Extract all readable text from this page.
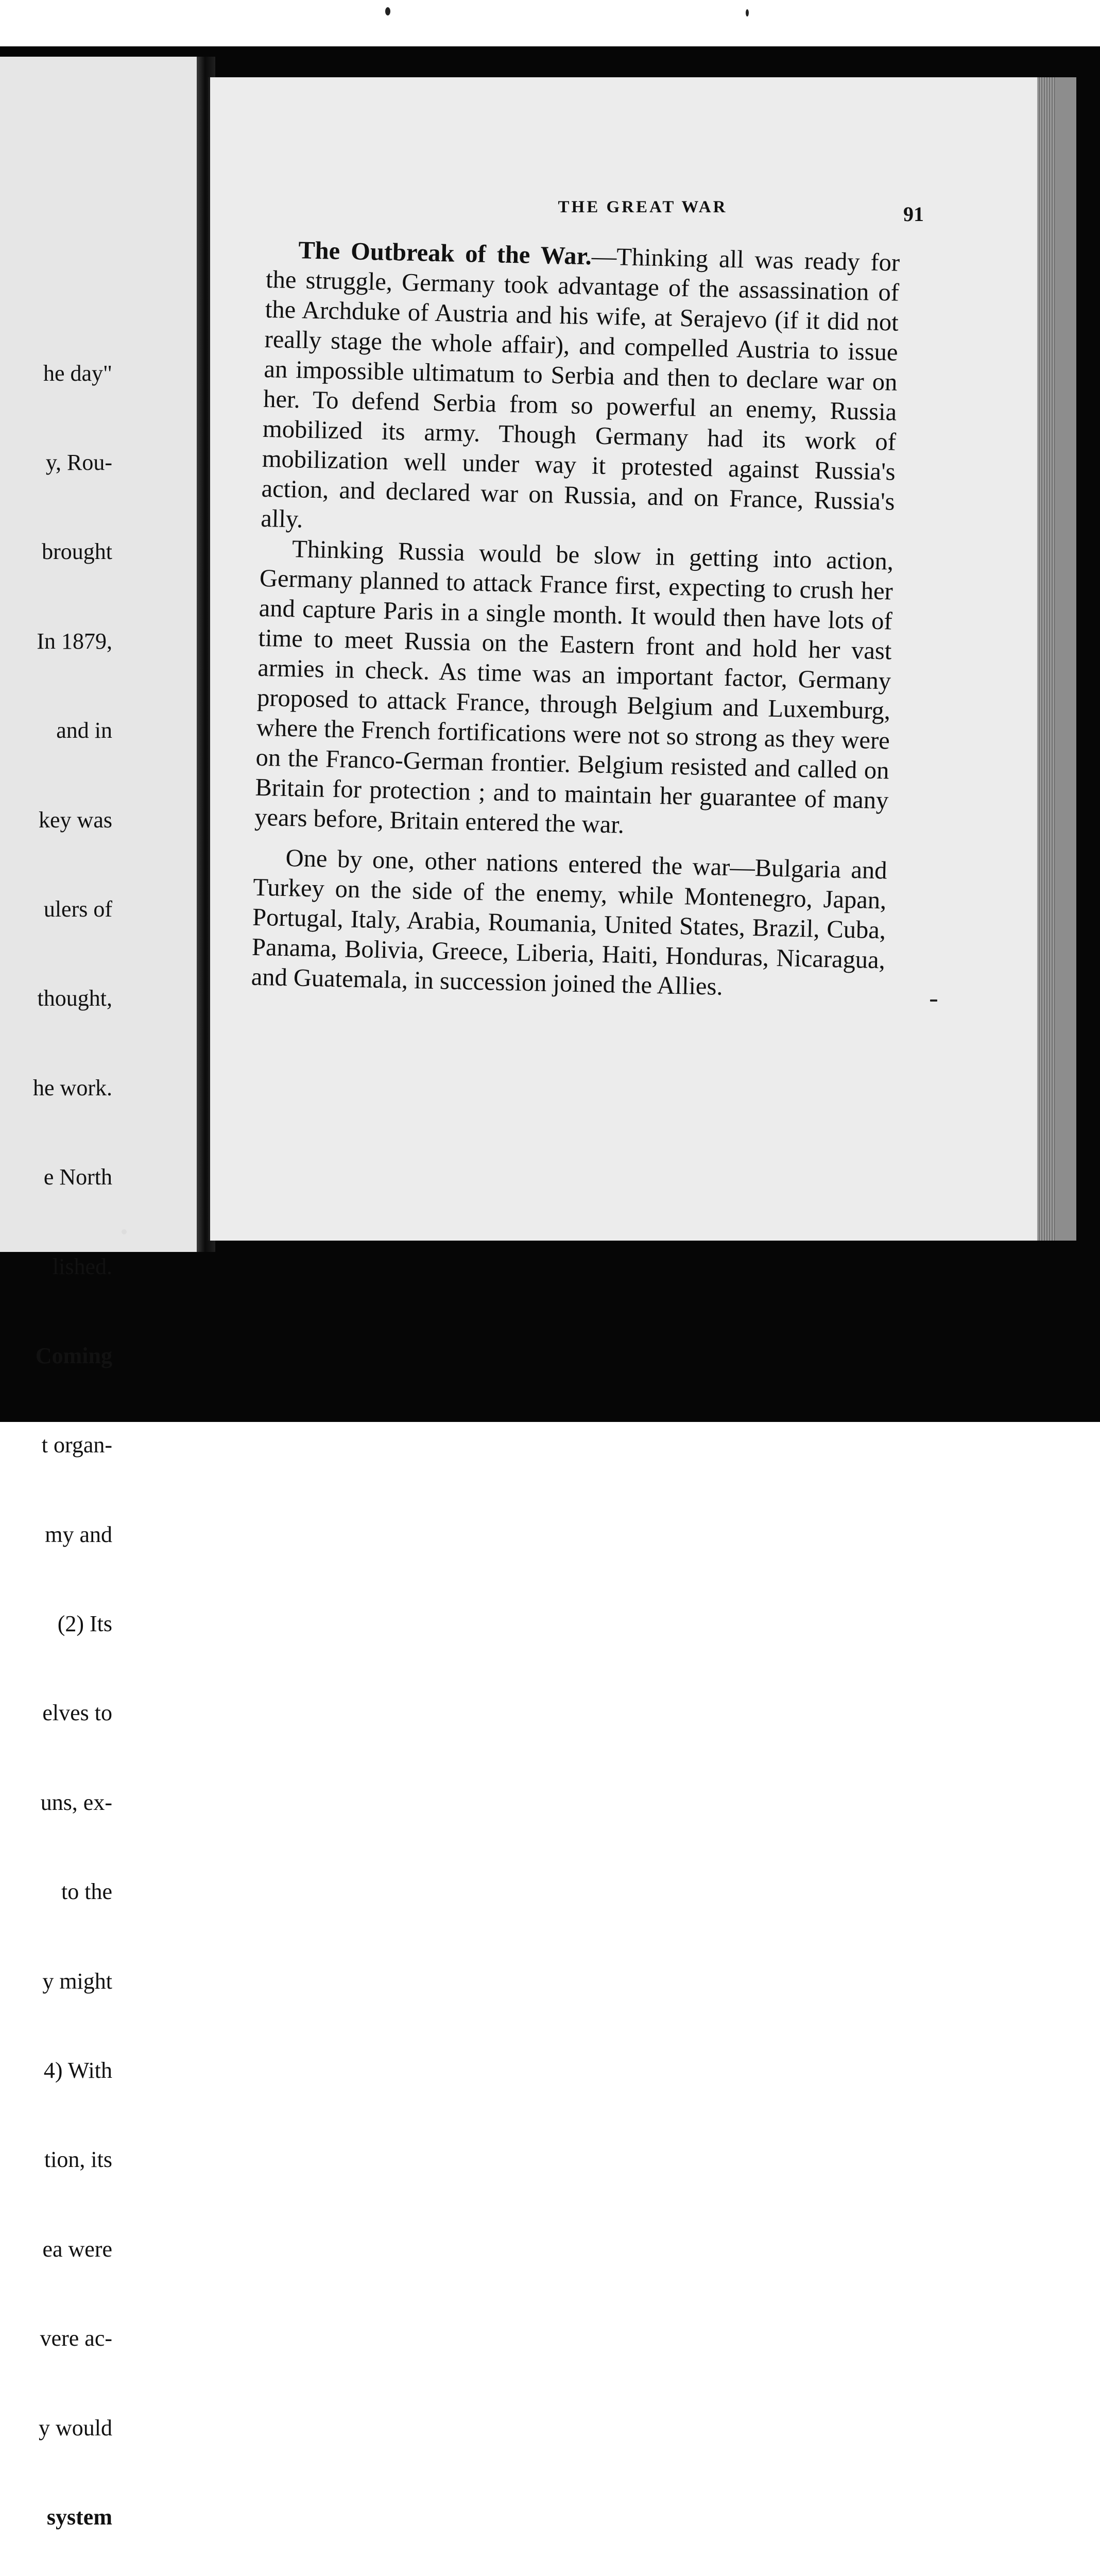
he day"

y, Rou-

brought

In 1879,

and in

key was

ulers of

thought,

he work.

e North

lished.

Coming

t organ-

my and

(2) Its

elves to

uns, ex-

to the

y might

4) With

tion, its

ea were

vere ac-

y would

system

THE GREAT WAR	91

The Outbreak of the War.—Thinking all was ready for the struggle, Germany took advantage of the assassination of the Archduke of Austria and his wife, at Serajevo (if it did not really stage the whole affair), and compelled Austria to issue an impossible ultimatum to Serbia and then to declare war on her. To defend Serbia from so powerful an enemy, Russia mobilized its army. Though Germany had its work of mobilization well under way it protested against Russia's action, and declared war on Russia, and on France, Russia's ally.

Thinking Russia would be slow in getting into action, Germany planned to attack France first, expecting to crush her and capture Paris in a single month. It would then have lots of time to meet Russia on the Eastern front and hold her vast armies in check. As time was an important factor, Germany proposed to attack France, through Belgium and Luxemburg, where the French fortifications were not so strong as they were on the Franco-German frontier. Belgium resisted and called on Britain for protection ; and to maintain her guarantee of many years before, Britain entered the war.

One by one, other nations entered the war—Bulgaria and Turkey on the side of the enemy, while Montenegro, Japan, Portugal, Italy, Arabia, Roumania, United States, Brazil, Cuba, Panama, Bolivia, Greece, Liberia, Haiti, Honduras, Nicaragua, and Guatemala, in succession joined the Allies.
